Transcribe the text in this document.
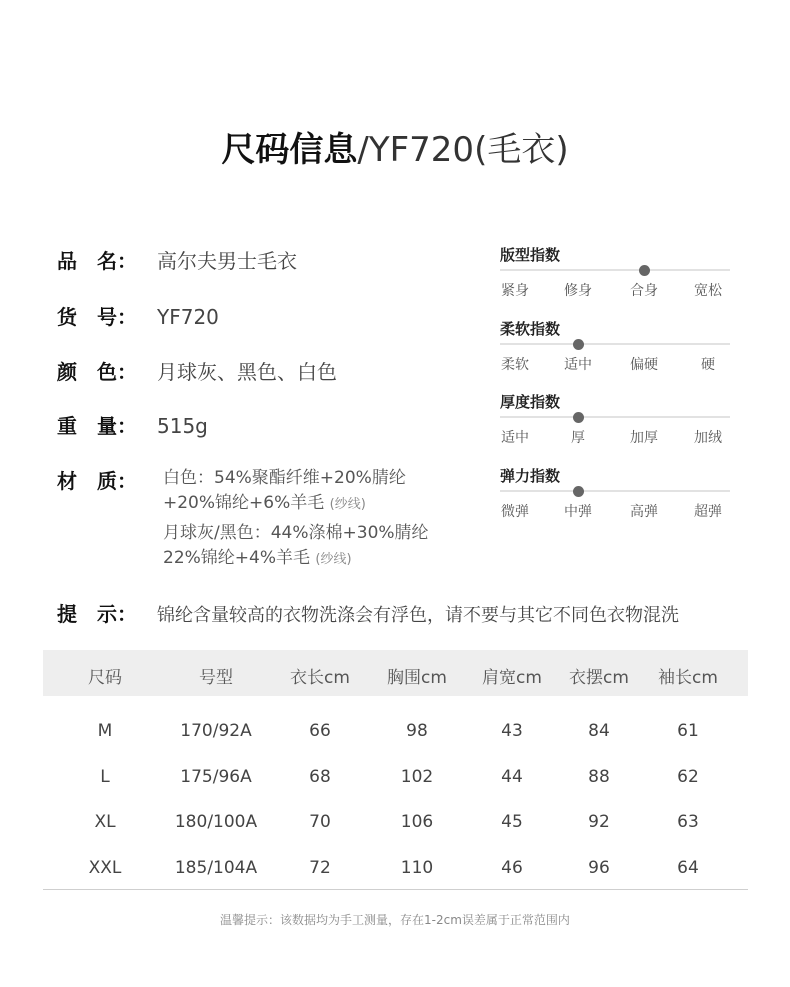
尺码信息/YF720(毛衣)
品　名： 高尔夫男士毛衣
货　号： YF720
颜　色： 月球灰、黑色、白色
重　量： 515g
材　质：	白色：54%聚酯纤维+20%腈纶
+20%锦纶+6%羊毛 (纱线)
月球灰/黑色：44%涤棉+30%腈纶
22%锦纶+4%羊毛 (纱线)
版型指数
紧身	修身	合身	宽松
柔软指数
柔软	适中	偏硬	硬
厚度指数
适中	厚	加厚	加绒
弹力指数
微弹	中弹	高弹	超弹
提　示： 锦纶含量较高的衣物洗涤会有浮色，请不要与其它不同色衣物混洗
尺码	号型	衣长cm 胸围cm 肩宽cm 衣摆cm 袖长cm
M	170/92A	66	98	43	84	61
L	175/96A	68	102	44	88	62
XL	180/100A	70	106	45	92	63
XXL	185/104A	72	110	46	96	64
温馨提示：该数据均为手工测量，存在1-2cm误差属于正常范围内
